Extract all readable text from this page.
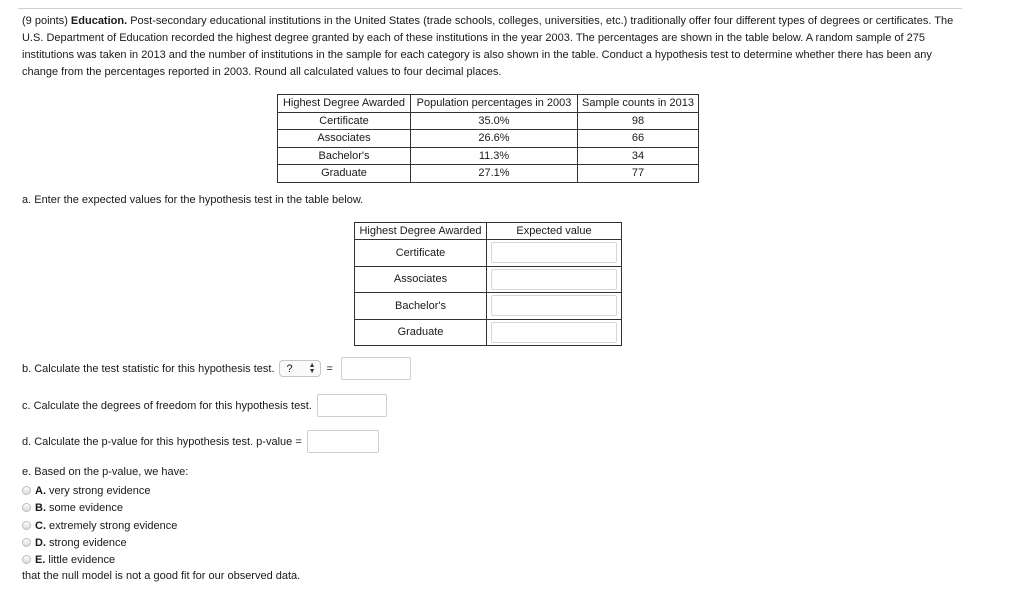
(9 points) Education. Post-secondary educational institutions in the United States (trade schools, colleges, universities, etc.) traditionally offer four different types of degrees or certificates. The U.S. Department of Education recorded the highest degree granted by each of these institutions in the year 2003. The percentages are shown in the table below. A random sample of 275 institutions was taken in 2013 and the number of institutions in the sample for each category is also shown in the table. Conduct a hypothesis test to determine whether there has been any change from the percentages reported in 2003. Round all calculated values to four decimal places.
Highest Degree Awarded	Population percentages in 2003	Sample counts in 2013
Certificate	35.0%	98
Associates	26.6%	66
Bachelor's	11.3%	34
Graduate	27.1%	77
a. Enter the expected values for the hypothesis test in the table below.
Highest Degree Awarded	Expected value
Certificate	

Associates	

Bachelor's	

Graduate	
b. Calculate the test statistic for this hypothesis test. ? ▲
▼ =
c. Calculate the degrees of freedom for this hypothesis test.
d. Calculate the p-value for this hypothesis test. p-value =
e. Based on the p-value, we have:
A. very strong evidence
B. some evidence
C. extremely strong evidence
D. strong evidence
E. little evidence
that the null model is not a good fit for our observed data.
